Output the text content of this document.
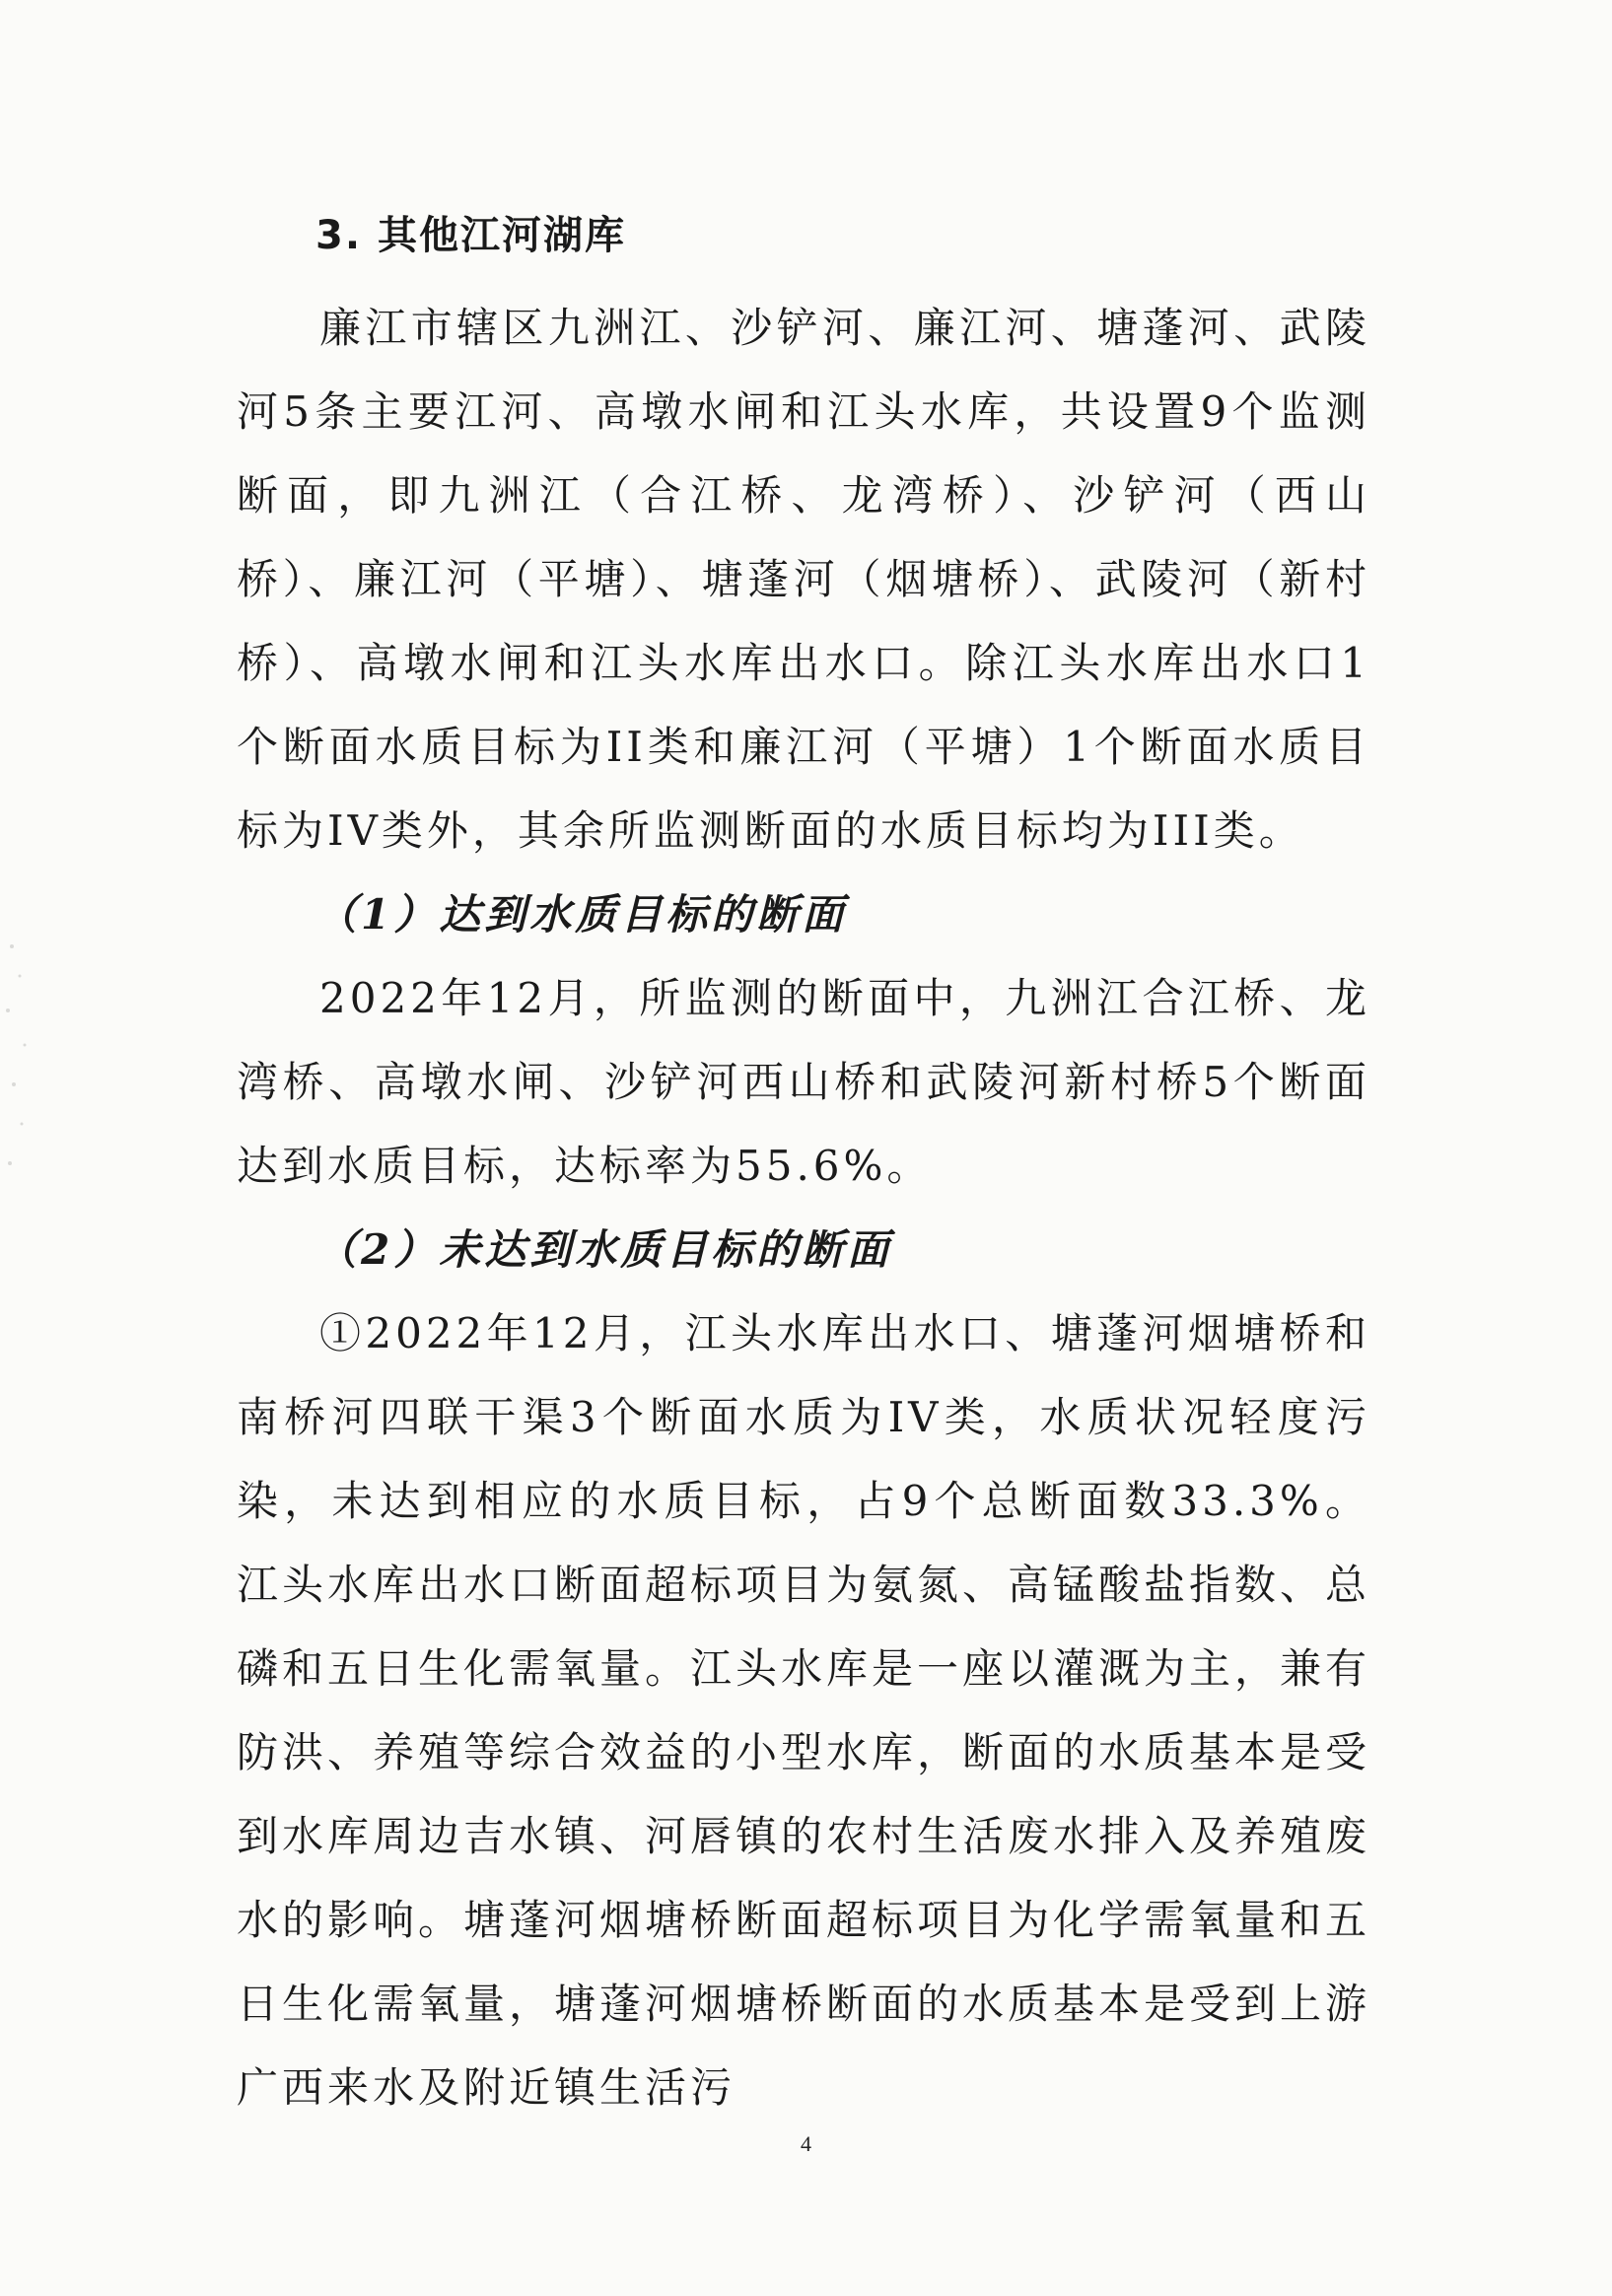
3. 其他江河湖库

廉江市辖区九洲江、沙铲河、廉江河、塘蓬河、武陵河5条主要江河、高墩水闸和江头水库，共设置9个监测断面，即九洲江（合江桥、龙湾桥）、沙铲河（西山桥）、廉江河（平塘）、塘蓬河（烟塘桥）、武陵河（新村桥）、高墩水闸和江头水库出水口。除江头水库出水口1个断面水质目标为II类和廉江河（平塘）1个断面水质目标为IV类外，其余所监测断面的水质目标均为III类。

（1）达到水质目标的断面

2022年12月，所监测的断面中，九洲江合江桥、龙湾桥、高墩水闸、沙铲河西山桥和武陵河新村桥5个断面达到水质目标，达标率为55.6%。

（2）未达到水质目标的断面

①2022年12月，江头水库出水口、塘蓬河烟塘桥和南桥河四联干渠3个断面水质为IV类，水质状况轻度污染，未达到相应的水质目标，占9个总断面数33.3%。江头水库出水口断面超标项目为氨氮、高锰酸盐指数、总磷和五日生化需氧量。江头水库是一座以灌溉为主，兼有防洪、养殖等综合效益的小型水库，断面的水质基本是受到水库周边吉水镇、河唇镇的农村生活废水排入及养殖废水的影响。塘蓬河烟塘桥断面超标项目为化学需氧量和五日生化需氧量，塘蓬河烟塘桥断面的水质基本是受到上游广西来水及附近镇生活污

4
